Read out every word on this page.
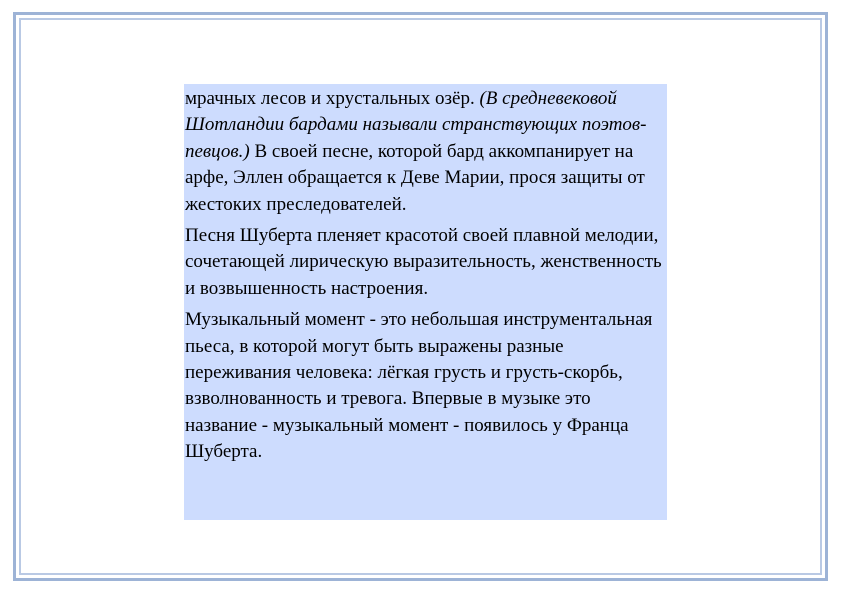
мрачных лесов и хрустальных озёр. (В средневековой Шотландии бардами называли странствующих поэтов-певцов.) В своей песне, которой бард аккомпанирует на арфе, Эллен обращается к Деве Марии, прося защиты от жестоких преследователей.

Песня Шуберта пленяет красотой своей плавной мелодии, сочетающей лирическую выразительность, женственность и возвышенность настроения.

Музыкальный момент - это небольшая инструментальная пьеса, в которой могут быть выражены разные переживания человека: лёгкая грусть и грусть-скорбь, взволнованность и тревога. Впервые в музыке это название - музыкальный момент - появилось у Франца Шуберта.
